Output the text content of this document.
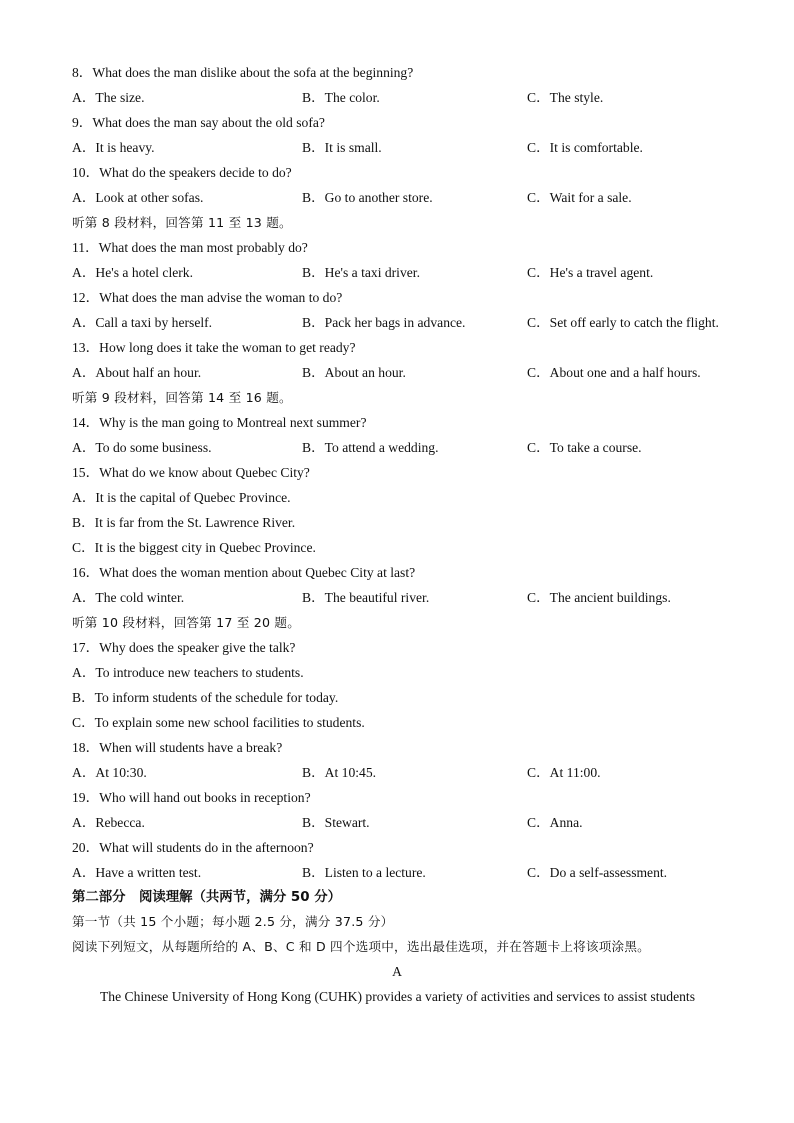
8．What does the man dislike about the sofa at the beginning?
A．The size.	B．The color.	C．The style.
9．What does the man say about the old sofa?
A．It is heavy.	B．It is small.	C．It is comfortable.
10．What do the speakers decide to do?
A．Look at other sofas.	B．Go to another store.	C．Wait for a sale.
听第 8 段材料，回答第 11 至 13 题。
11．What does the man most probably do?
A．He's a hotel clerk.	B．He's a taxi driver.	C．He's a travel agent.
12．What does the man advise the woman to do?
A．Call a taxi by herself.	B．Pack her bags in advance.	C．Set off early to catch the flight.
13．How long does it take the woman to get ready?
A．About half an hour.	B．About an hour.	C．About one and a half hours.
听第 9 段材料，回答第 14 至 16 题。
14．Why is the man going to Montreal next summer?
A．To do some business.	B．To attend a wedding.	C．To take a course.
15．What do we know about Quebec City?
A．It is the capital of Quebec Province.
B．It is far from the St. Lawrence River.
C．It is the biggest city in Quebec Province.
16．What does the woman mention about Quebec City at last?
A．The cold winter.	B．The beautiful river.	C．The ancient buildings.
听第 10 段材料，回答第 17 至 20 题。
17．Why does the speaker give the talk?
A．To introduce new teachers to students.
B．To inform students of the schedule for today.
C．To explain some new school facilities to students.
18．When will students have a break?
A．At 10:30.	B．At 10:45.	C．At 11:00.
19．Who will hand out books in reception?
A．Rebecca.	B．Stewart.	C．Anna.
20．What will students do in the afternoon?
A．Have a written test.	B．Listen to a lecture.	C．Do a self-assessment.
第二部分　阅读理解（共两节，满分 50 分）
第一节（共 15 个小题；每小题 2.5 分，满分 37.5 分）
阅读下列短文，从每题所给的 A、B、C 和 D 四个选项中，选出最佳选项，并在答题卡上将该项涂黑。
A
The Chinese University of Hong Kong (CUHK) provides a variety of activities and services to assist students
